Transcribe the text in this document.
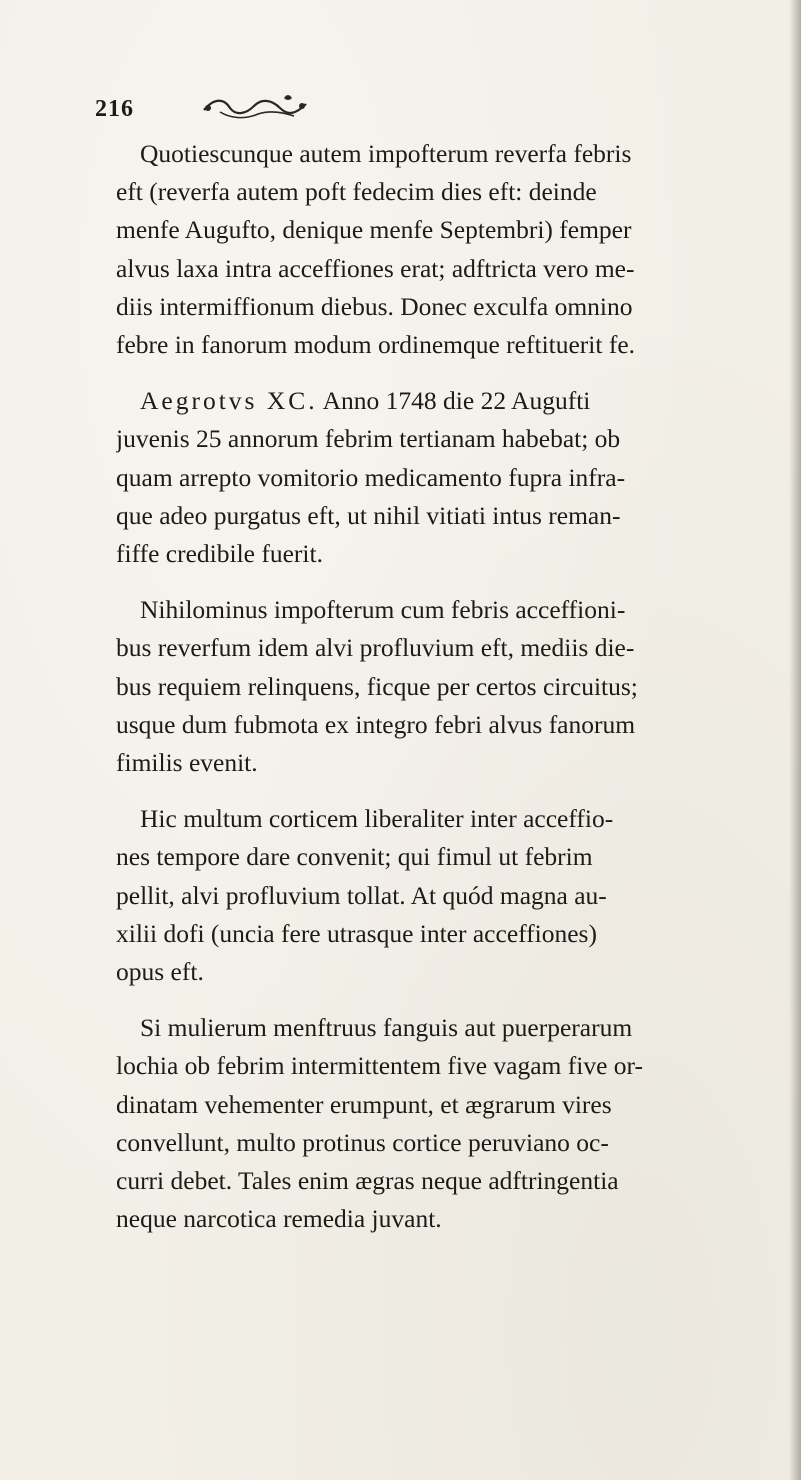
216

Quotiescunque autem impofterum reverfa febris
eft (reverfa autem poft fedecim dies eft: deinde
menfe Augufto, denique menfe Septembri) femper
alvus laxa intra acceffiones erat; adftricta vero me-
diis intermiffionum diebus. Donec exculfa omnino
febre in fanorum modum ordinemque reftituerit fe.

Aegrotvs XC. Anno 1748 die 22 Augufti
juvenis 25 annorum febrim tertianam habebat; ob
quam arrepto vomitorio medicamento fupra infra-
que adeo purgatus eft, ut nihil vitiati intus reman-
fiffe credibile fuerit.

Nihilominus impofterum cum febris acceffioni-
bus reverfum idem alvi profluvium eft, mediis die-
bus requiem relinquens, ficque per certos circuitus;
usque dum fubmota ex integro febri alvus fanorum
fimilis evenit.

Hic multum corticem liberaliter inter acceffio-
nes tempore dare convenit; qui fimul ut febrim
pellit, alvi profluvium tollat. At quód magna au-
xilii dofi (uncia fere utrasque inter acceffiones)
opus eft.

Si mulierum menftruus fanguis aut puerperarum
lochia ob febrim intermittentem five vagam five or-
dinatam vehementer erumpunt, et ægrarum vires
convellunt, multo protinus cortice peruviano oc-
curri debet. Tales enim ægras neque adftringentia
neque narcotica remedia juvant.
